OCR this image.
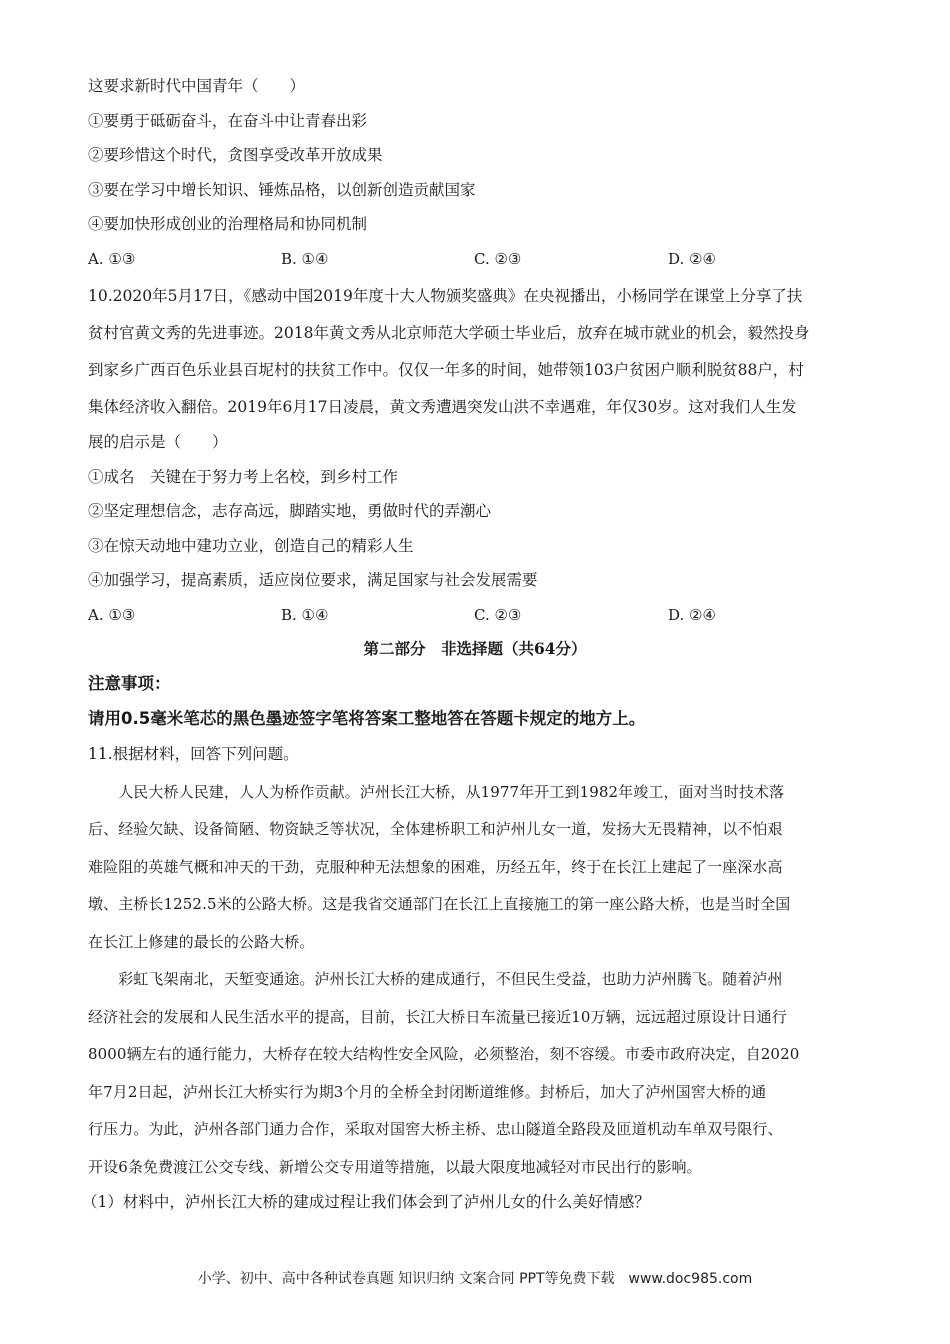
这要求新时代中国青年（　　）
①要勇于砥砺奋斗，在奋斗中让青春出彩
②要珍惜这个时代，贪图享受改革开放成果
③要在学习中增长知识、锤炼品格，以创新创造贡献国家
④要加快形成创业的治理格局和协同机制
A. ①③	B. ①④	C. ②③	D. ②④
10.2020年5月17日，《感动中国2019年度十大人物颁奖盛典》在央视播出，小杨同学在课堂上分享了扶
贫村官黄文秀的先进事迹。2018年黄文秀从北京师范大学硕士毕业后，放弃在城市就业的机会，毅然投身
到家乡广西百色乐业县百坭村的扶贫工作中。仅仅一年多的时间，她带领103户贫困户顺利脱贫88户，村
集体经济收入翻倍。2019年6月17日凌晨，黄文秀遭遇突发山洪不幸遇难，年仅30岁。这对我们人生发
展的启示是（　　）
①成名　关键在于努力考上名校，到乡村工作
②坚定理想信念，志存高远，脚踏实地，勇做时代的弄潮心
③在惊天动地中建功立业，创造自己的精彩人生
④加强学习，提高素质，适应岗位要求，满足国家与社会发展需要
A. ①③	B. ①④	C. ②③	D. ②④
第二部分　非选择题（共64分）
注意事项：
请用0.5毫米笔芯的黑色墨迹签字笔将答案工整地答在答题卡规定的地方上。
11.根据材料，回答下列问题。
　　人民大桥人民建，人人为桥作贡献。泸州长江大桥，从1977年开工到1982年竣工，面对当时技术落
后、经验欠缺、设备简陋、物资缺乏等状况，全体建桥职工和泸州儿女一道，发扬大无畏精神，以不怕艰
难险阻的英雄气概和冲天的干劲，克服种种无法想象的困难，历经五年，终于在长江上建起了一座深水高
墩、主桥长1252.5米的公路大桥。这是我省交通部门在长江上直接施工的第一座公路大桥，也是当时全国
在长江上修建的最长的公路大桥。
　　彩虹飞架南北，天堑变通途。泸州长江大桥的建成通行，不但民生受益，也助力泸州腾飞。随着泸州
经济社会的发展和人民生活水平的提高，目前，长江大桥日车流量已接近10万辆，远远超过原设计日通行
8000辆左右的通行能力，大桥存在较大结构性安全风险，必须整治，刻不容缓。市委市政府决定，自2020
年7月2日起，泸州长江大桥实行为期3个月的全桥全封闭断道维修。封桥后，加大了泸州国窖大桥的通
行压力。为此，泸州各部门通力合作，采取对国窖大桥主桥、忠山隧道全路段及匝道机动车单双号限行、
开设6条免费渡江公交专线、新增公交专用道等措施，以最大限度地减轻对市民出行的影响。
（1）材料中，泸州长江大桥的建成过程让我们体会到了泸州儿女的什么美好情感？
小学、初中、高中各种试卷真题 知识归纳 文案合同 PPT等免费下载　www.doc985.com
